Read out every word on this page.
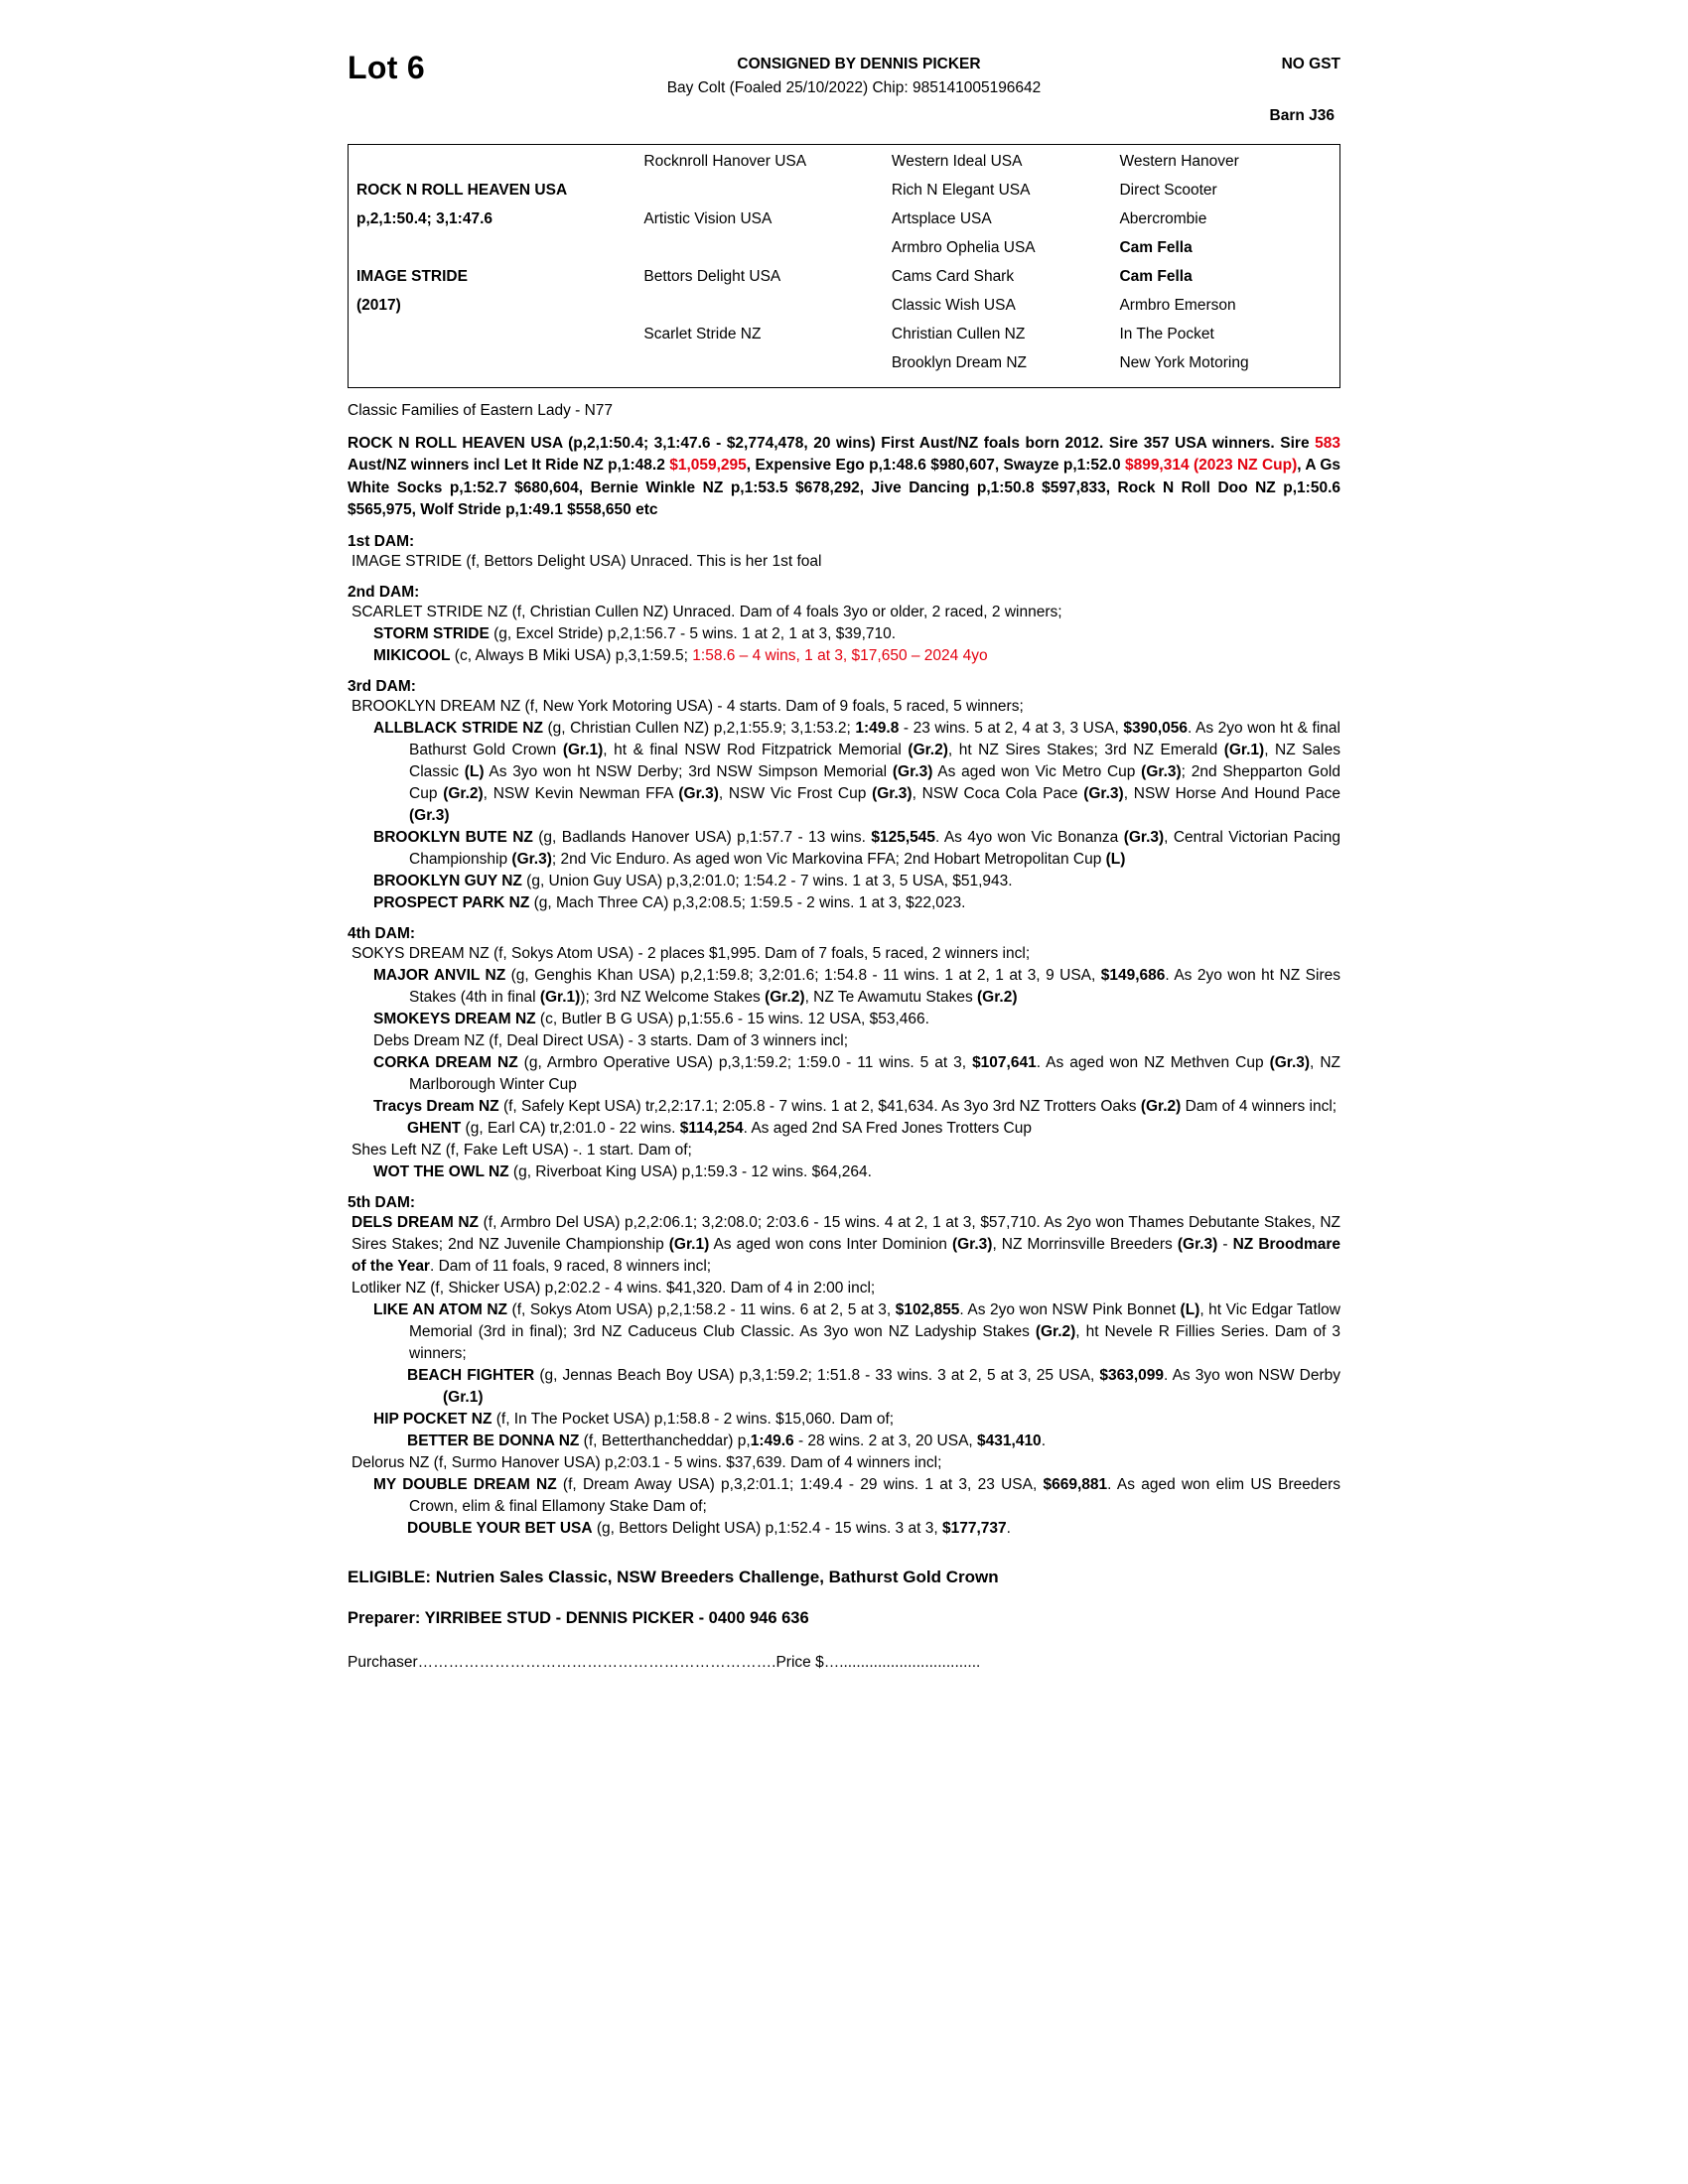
Lot 6	CONSIGNED BY DENNIS PICKER
Bay Colt (Foaled 25/10/2022) Chip: 985141005196642
NO GST
Barn J36
ROCK N ROLL HEAVEN USA
p,2,1:50.4; 3,1:47.6
IMAGE STRIDE
(2017)
Rocknroll Hanover USA
Artistic Vision USA
Bettors Delight USA
Scarlet Stride NZ
Western Ideal USA
Rich N Elegant USA
Artsplace USA
Armbro Ophelia USA
Cams Card Shark
Classic Wish USA
Christian Cullen NZ
Brooklyn Dream NZ
Western Hanover
Direct Scooter
Abercrombie
Cam Fella
Cam Fella
Armbro Emerson
In The Pocket
New York Motoring
Classic Families of Eastern Lady - N77
ROCK N ROLL HEAVEN USA (p,2,1:50.4; 3,1:47.6 - $2,774,478, 20 wins) First Aust/NZ foals born 2012. Sire 357 USA winners. Sire 583 Aust/NZ winners incl Let It Ride NZ p,1:48.2 $1,059,295, Expensive Ego p,1:48.6 $980,607, Swayze p,1:52.0 $899,314 (2023 NZ Cup), A Gs White Socks p,1:52.7 $680,604, Bernie Winkle NZ p,1:53.5 $678,292, Jive Dancing p,1:50.8 $597,833, Rock N Roll Doo NZ p,1:50.6 $565,975, Wolf Stride p,1:49.1 $558,650 etc
1st DAM:

IMAGE STRIDE (f, Bettors Delight USA) Unraced. This is her 1st foal

2nd DAM:

SCARLET STRIDE NZ (f, Christian Cullen NZ) Unraced. Dam of 4 foals 3yo or older, 2 raced, 2 winners;

STORM STRIDE (g, Excel Stride) p,2,1:56.7 - 5 wins. 1 at 2, 1 at 3, $39,710.

MIKICOOL (c, Always B Miki USA) p,3,1:59.5; 1:58.6 – 4 wins, 1 at 3, $17,650 – 2024 4yo

3rd DAM:

BROOKLYN DREAM NZ (f, New York Motoring USA) - 4 starts. Dam of 9 foals, 5 raced, 5 winners;

ALLBLACK STRIDE NZ (g, Christian Cullen NZ) p,2,1:55.9; 3,1:53.2; 1:49.8 - 23 wins. 5 at 2, 4 at 3, 3 USA, $390,056. As 2yo won ht & final Bathurst Gold Crown (Gr.1), ht & final NSW Rod Fitzpatrick Memorial (Gr.2), ht NZ Sires Stakes; 3rd NZ Emerald (Gr.1), NZ Sales Classic (L) As 3yo won ht NSW Derby; 3rd NSW Simpson Memorial (Gr.3) As aged won Vic Metro Cup (Gr.3); 2nd Shepparton Gold Cup (Gr.2), NSW Kevin Newman FFA (Gr.3), NSW Vic Frost Cup (Gr.3), NSW Coca Cola Pace (Gr.3), NSW Horse And Hound Pace (Gr.3)

BROOKLYN BUTE NZ (g, Badlands Hanover USA) p,1:57.7 - 13 wins. $125,545. As 4yo won Vic Bonanza (Gr.3), Central Victorian Pacing Championship (Gr.3); 2nd Vic Enduro. As aged won Vic Markovina FFA; 2nd Hobart Metropolitan Cup (L)

BROOKLYN GUY NZ (g, Union Guy USA) p,3,2:01.0; 1:54.2 - 7 wins. 1 at 3, 5 USA, $51,943.

PROSPECT PARK NZ (g, Mach Three CA) p,3,2:08.5; 1:59.5 - 2 wins. 1 at 3, $22,023.

4th DAM:

SOKYS DREAM NZ (f, Sokys Atom USA) - 2 places $1,995. Dam of 7 foals, 5 raced, 2 winners incl;

MAJOR ANVIL NZ (g, Genghis Khan USA) p,2,1:59.8; 3,2:01.6; 1:54.8 - 11 wins. 1 at 2, 1 at 3, 9 USA, $149,686. As 2yo won ht NZ Sires Stakes (4th in final (Gr.1)); 3rd NZ Welcome Stakes (Gr.2), NZ Te Awamutu Stakes (Gr.2)

SMOKEYS DREAM NZ (c, Butler B G USA) p,1:55.6 - 15 wins. 12 USA, $53,466.

Debs Dream NZ (f, Deal Direct USA) - 3 starts. Dam of 3 winners incl;

CORKA DREAM NZ (g, Armbro Operative USA) p,3,1:59.2; 1:59.0 - 11 wins. 5 at 3, $107,641. As aged won NZ Methven Cup (Gr.3), NZ Marlborough Winter Cup

Tracys Dream NZ (f, Safely Kept USA) tr,2,2:17.1; 2:05.8 - 7 wins. 1 at 2, $41,634. As 3yo 3rd NZ Trotters Oaks (Gr.2) Dam of 4 winners incl;

GHENT (g, Earl CA) tr,2:01.0 - 22 wins. $114,254. As aged 2nd SA Fred Jones Trotters Cup

Shes Left NZ (f, Fake Left USA) -. 1 start. Dam of;

WOT THE OWL NZ (g, Riverboat King USA) p,1:59.3 - 12 wins. $64,264.

5th DAM:

DELS DREAM NZ (f, Armbro Del USA) p,2,2:06.1; 3,2:08.0; 2:03.6 - 15 wins. 4 at 2, 1 at 3, $57,710. As 2yo won Thames Debutante Stakes, NZ Sires Stakes; 2nd NZ Juvenile Championship (Gr.1) As aged won cons Inter Dominion (Gr.3), NZ Morrinsville Breeders (Gr.3) - NZ Broodmare of the Year. Dam of 11 foals, 9 raced, 8 winners incl;

Lotliker NZ (f, Shicker USA) p,2:02.2 - 4 wins. $41,320. Dam of 4 in 2:00 incl;

LIKE AN ATOM NZ (f, Sokys Atom USA) p,2,1:58.2 - 11 wins. 6 at 2, 5 at 3, $102,855. As 2yo won NSW Pink Bonnet (L), ht Vic Edgar Tatlow Memorial (3rd in final); 3rd NZ Caduceus Club Classic. As 3yo won NZ Ladyship Stakes (Gr.2), ht Nevele R Fillies Series. Dam of 3 winners;

BEACH FIGHTER (g, Jennas Beach Boy USA) p,3,1:59.2; 1:51.8 - 33 wins. 3 at 2, 5 at 3, 25 USA, $363,099. As 3yo won NSW Derby (Gr.1)

HIP POCKET NZ (f, In The Pocket USA) p,1:58.8 - 2 wins. $15,060. Dam of;

BETTER BE DONNA NZ (f, Betterthancheddar) p,1:49.6 - 28 wins. 2 at 3, 20 USA, $431,410.

Delorus NZ (f, Surmo Hanover USA) p,2:03.1 - 5 wins. $37,639. Dam of 4 winners incl;

MY DOUBLE DREAM NZ (f, Dream Away USA) p,3,2:01.1; 1:49.4 - 29 wins. 1 at 3, 23 USA, $669,881. As aged won elim US Breeders Crown, elim & final Ellamony Stake Dam of;

DOUBLE YOUR BET USA (g, Bettors Delight USA) p,1:52.4 - 15 wins. 3 at 3, $177,737.

ELIGIBLE: Nutrien Sales Classic, NSW Breeders Challenge, Bathurst Gold Crown
Preparer: YIRRIBEE STUD - DENNIS PICKER - 0400 946 636
Purchaser…………………………………………………………….Price $….................................
